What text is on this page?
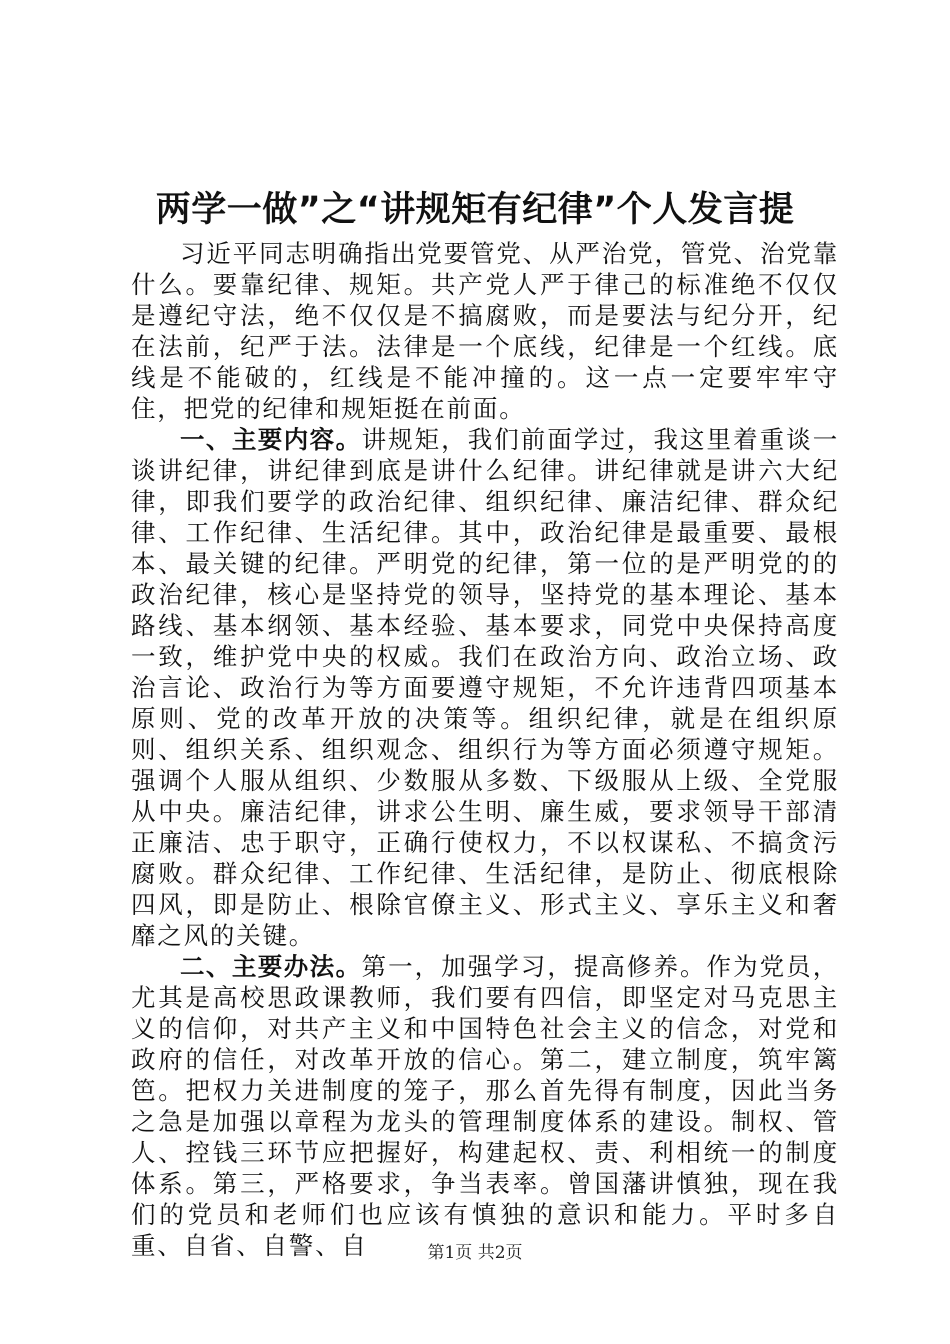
两学一做”之“讲规矩有纪律”个人发言提

习近平同志明确指出党要管党、从严治党，管党、治党靠什么。要靠纪律、规矩。共产党人严于律己的标准绝不仅仅是遵纪守法，绝不仅仅是不搞腐败，而是要法与纪分开，纪在法前，纪严于法。法律是一个底线，纪律是一个红线。底线是不能破的，红线是不能冲撞的。这一点一定要牢牢守住，把党的纪律和规矩挺在前面。

一、主要内容。讲规矩，我们前面学过，我这里着重谈一谈讲纪律，讲纪律到底是讲什么纪律。讲纪律就是讲六大纪律，即我们要学的政治纪律、组织纪律、廉洁纪律、群众纪律、工作纪律、生活纪律。其中，政治纪律是最重要、最根本、最关键的纪律。严明党的纪律，第一位的是严明党的的政治纪律，核心是坚持党的领导，坚持党的基本理论、基本路线、基本纲领、基本经验、基本要求，同党中央保持高度一致，维护党中央的权威。我们在政治方向、政治立场、政治言论、政治行为等方面要遵守规矩，不允许违背四项基本原则、党的改革开放的决策等。组织纪律，就是在组织原则、组织关系、组织观念、组织行为等方面必须遵守规矩。强调个人服从组织、少数服从多数、下级服从上级、全党服从中央。廉洁纪律，讲求公生明、廉生威，要求领导干部清正廉洁、忠于职守，正确行使权力，不以权谋私、不搞贪污腐败。群众纪律、工作纪律、生活纪律，是防止、彻底根除四风，即是防止、根除官僚主义、形式主义、享乐主义和奢靡之风的关键。

二、主要办法。第一，加强学习，提高修养。作为党员，尤其是高校思政课教师，我们要有四信，即坚定对马克思主义的信仰，对共产主义和中国特色社会主义的信念，对党和政府的信任，对改革开放的信心。第二，建立制度，筑牢篱笆。把权力关进制度的笼子，那么首先得有制度，因此当务之急是加强以章程为龙头的管理制度体系的建设。制权、管人、控钱三环节应把握好，构建起权、责、利相统一的制度体系。第三，严格要求，争当表率。曾国藩讲慎独，现在我们的党员和老师们也应该有慎独的意识和能力。平时多自重、自省、自警、自	第1页 共2页
